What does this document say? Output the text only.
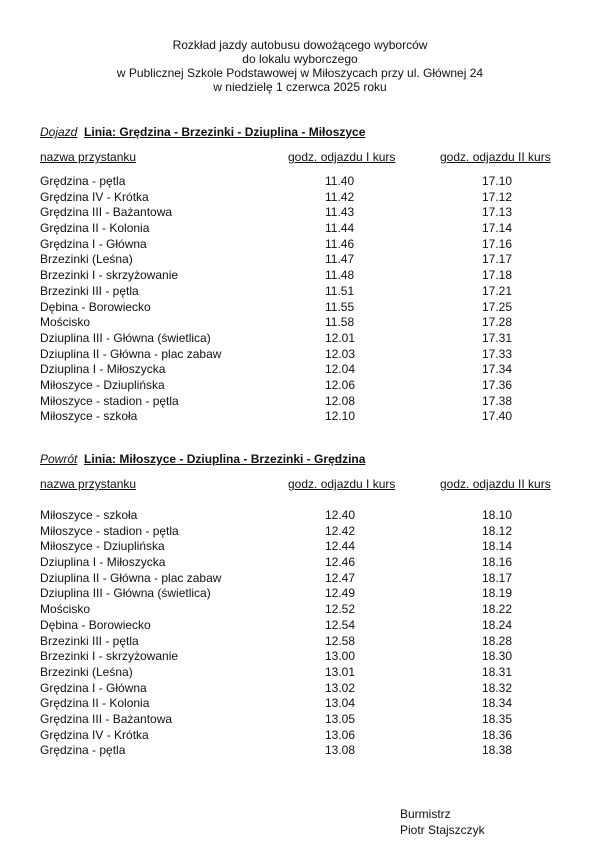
Rozkład jazdy autobusu dowożącego wyborców
do lokalu wyborczego
w Publicznej Szkole Podstawowej w Miłoszycach przy ul. Głównej 24
w niedzielę 1 czerwca 2025 roku
Dojazd Linia: Grędzina - Brzezinki - Dziuplina - Miłoszyce
nazwa przystanku	godz. odjazdu I kurs	godz. odjazdu II kurs
Grędzina - pętla	11.40	17.10
Grędzina IV - Krótka	11.42	17.12
Grędzina III - Bażantowa	11.43	17.13
Grędzina II - Kolonia	11.44	17.14
Grędzina I - Główna	11.46	17.16
Brzezinki (Leśna)	11.47	17.17
Brzezinki I - skrzyżowanie	11.48	17.18
Brzezinki III - pętla	11.51	17.21
Dębina - Borowiecko	11.55	17.25
Mościsko	11.58	17.28
Dziuplina III - Główna (świetlica)	12.01	17.31
Dziuplina II - Główna - plac zabaw	12.03	17.33
Dziuplina I - Miłoszycka	12.04	17.34
Miłoszyce - Dziuplińska	12.06	17.36
Miłoszyce - stadion - pętla	12.08	17.38
Miłoszyce - szkoła	12.10	17.40
Powrót Linia: Miłoszyce - Dziuplina - Brzezinki - Grędzina
nazwa przystanku	godz. odjazdu I kurs	godz. odjazdu II kurs
Miłoszyce - szkoła	12.40	18.10
Miłoszyce - stadion - pętla	12.42	18.12
Miłoszyce - Dziuplińska	12.44	18.14
Dziuplina I - Miłoszycka	12.46	18.16
Dziuplina II - Główna - plac zabaw	12.47	18.17
Dziuplina III - Główna (świetlica)	12.49	18.19
Mościsko	12.52	18.22
Dębina - Borowiecko	12.54	18.24
Brzezinki III - pętla	12.58	18.28
Brzezinki I - skrzyżowanie	13.00	18.30
Brzezinki (Leśna)	13.01	18.31
Grędzina I - Główna	13.02	18.32
Grędzina II - Kolonia	13.04	18.34
Grędzina III - Bażantowa	13.05	18.35
Grędzina IV - Krótka	13.06	18.36
Grędzina - pętla	13.08	18.38
Burmistrz
Piotr Stajszczyk
